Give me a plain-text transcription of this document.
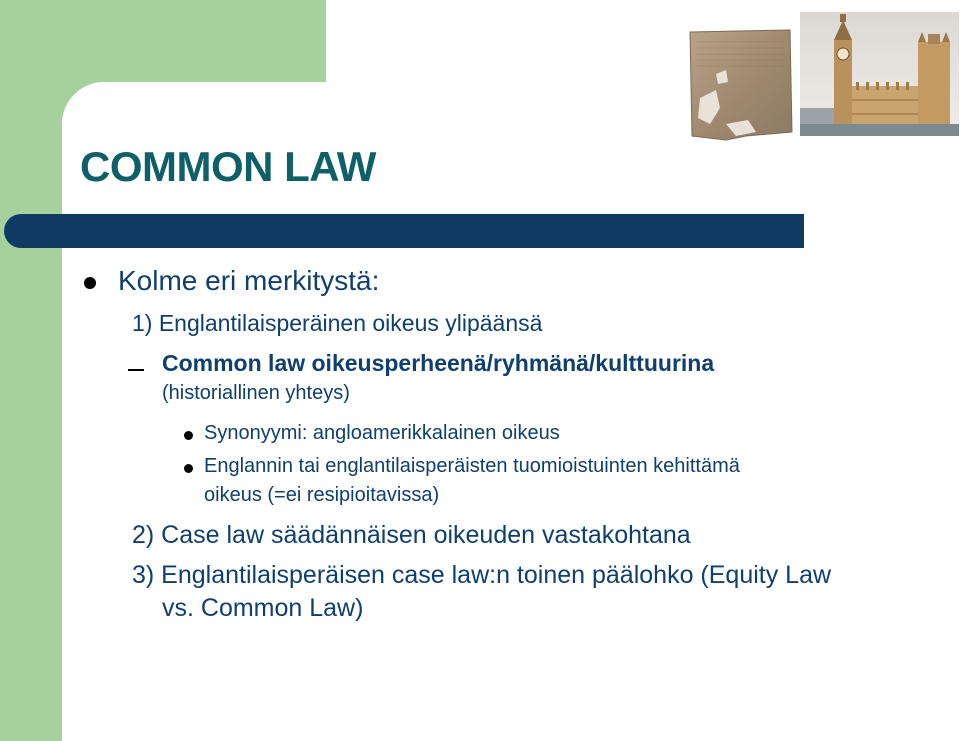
COMMON LAW
Kolme eri merkitystä:
1) Englantilaisperäinen oikeus ylipäänsä
Common law oikeusperheenä/ryhmänä/kulttuurina
(historiallinen yhteys)
Synonyymi: angloamerikkalainen oikeus
Englannin tai englantilaisperäisten tuomioistuinten kehittämä
oikeus (=ei resipioitavissa)
2) Case law säädännäisen oikeuden vastakohtana
3) Englantilaisperäisen case law:n toinen päälohko (Equity Law
vs. Common Law)
